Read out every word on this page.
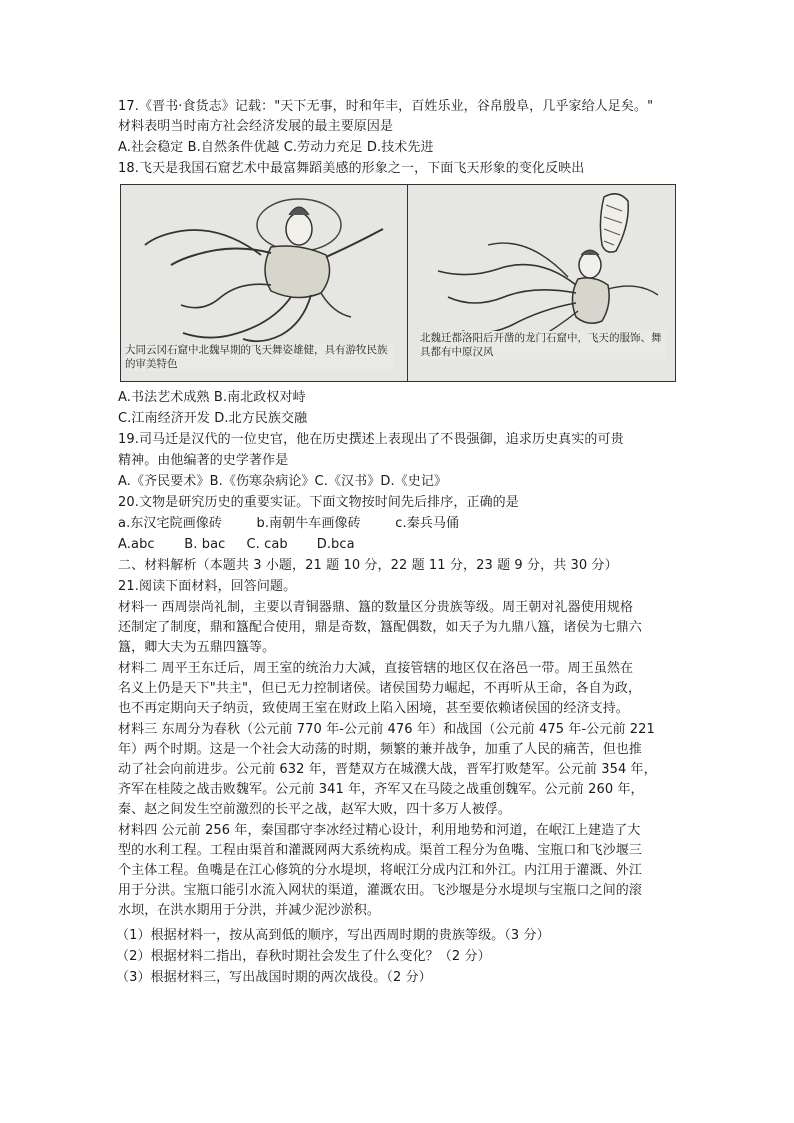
17.《晋书·食货志》记载："天下无事，时和年丰，百姓乐业，谷帛殷阜，几乎家给人足矣。"
材料表明当时南方社会经济发展的最主要原因是
A.社会稳定 B.自然条件优越 C.劳动力充足 D.技术先进
18.飞天是我国石窟艺术中最富舞蹈美感的形象之一，下面飞天形象的变化反映出
大同云冈石窟中北魏早期的飞天舞姿雄健，具有游牧民族的审美特色
北魏迁都洛阳后开凿的龙门石窟中，飞天的服饰、舞具都有中原汉风
A.书法艺术成熟 B.南北政权对峙
C.江南经济开发 D.北方民族交融
19.司马迁是汉代的一位史官，他在历史撰述上表现出了不畏强御，追求历史真实的可贵
精神。由他编著的史学著作是
A.《齐民要术》B.《伤寒杂病论》C.《汉书》D.《史记》
20.文物是研究历史的重要实证。下面文物按时间先后排序，正确的是
a.东汉宅院画像砖	b.南朝牛车画像砖	c.秦兵马俑
A.abc B. bac C. cab D.bca
二、材料解析（本题共 3 小题，21 题 10 分，22 题 11 分，23 题 9 分，共 30 分）
21.阅读下面材料，回答问题。
材料一 西周崇尚礼制，主要以青铜器鼎、簋的数量区分贵族等级。周王朝对礼器使用规格
还制定了制度，鼎和簋配合使用，鼎是奇数，簋配偶数，如天子为九鼎八簋，诸侯为七鼎六
簋，卿大夫为五鼎四簋等。
材料二 周平王东迁后，周王室的统治力大减，直接管辖的地区仅在洛邑一带。周王虽然在
名义上仍是天下"共主"，但已无力控制诸侯。诸侯国势力崛起，不再听从王命，各自为政，
也不再定期向天子纳贡，致使周王室在财政上陷入困境，甚至要依赖诸侯国的经济支持。
材料三 东周分为春秋（公元前 770 年-公元前 476 年）和战国（公元前 475 年-公元前 221
年）两个时期。这是一个社会大动荡的时期，频繁的兼并战争，加重了人民的痛苦，但也推
动了社会向前进步。公元前 632 年，晋楚双方在城濮大战，晋军打败楚军。公元前 354 年，
齐军在桂陵之战击败魏军。公元前 341 年，齐军又在马陵之战重创魏军。公元前 260 年，
秦、赵之间发生空前激烈的长平之战，赵军大败，四十多万人被俘。
材料四 公元前 256 年，秦国郡守李冰经过精心设计，利用地势和河道，在岷江上建造了大
型的水利工程。工程由渠首和灌溉网两大系统构成。渠首工程分为鱼嘴、宝瓶口和飞沙堰三
个主体工程。鱼嘴是在江心修筑的分水堤坝，将岷江分成内江和外江。内江用于灌溉、外江
用于分洪。宝瓶口能引水流入网状的渠道，灌溉农田。飞沙堰是分水堤坝与宝瓶口之间的滚
水坝，在洪水期用于分洪，并减少泥沙淤积。
（1）根据材料一，按从高到低的顺序，写出西周时期的贵族等级。（3 分）
（2）根据材料二指出，春秋时期社会发生了什么变化？（2 分）
（3）根据材料三，写出战国时期的两次战役。（2 分）
